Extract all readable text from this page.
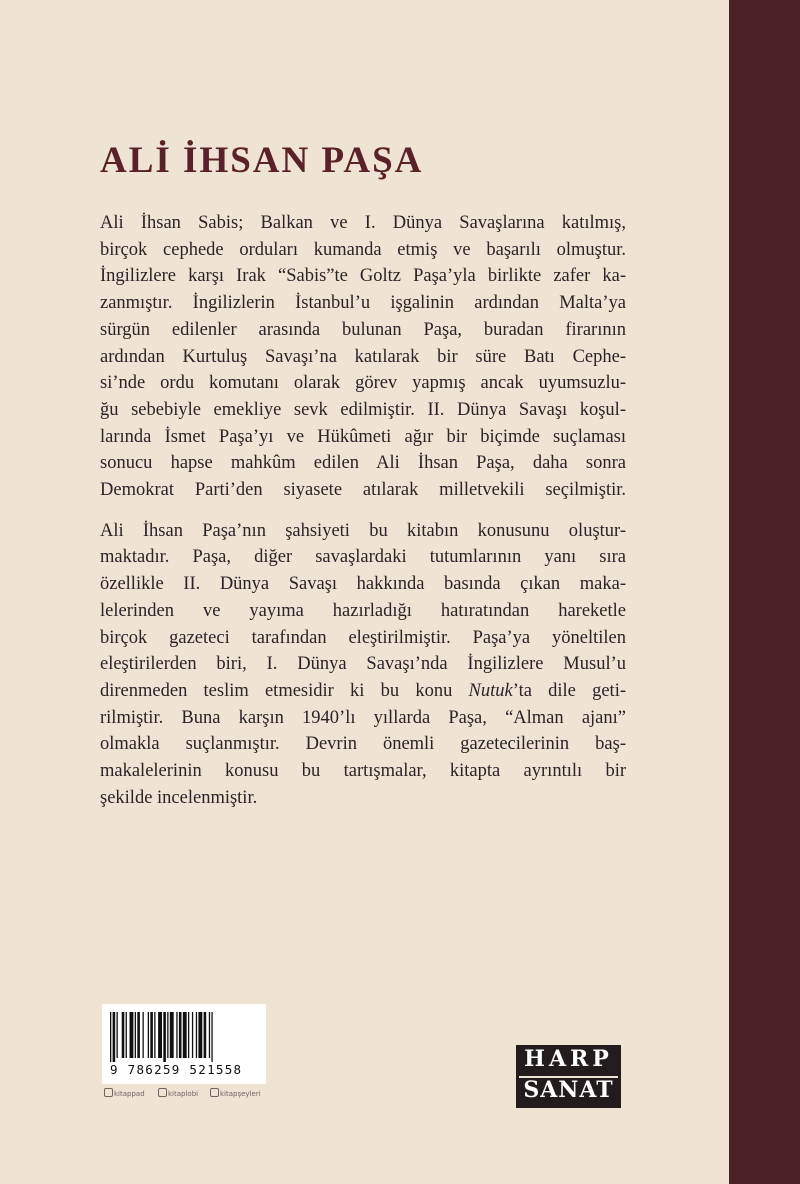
ALİ İHSAN PAŞA

Ali İhsan Sabis; Balkan ve I. Dünya Savaşlarına katılmış,
birçok cephede orduları kumanda etmiş ve başarılı olmuştur.
İngilizlere karşı Irak “Sabis”te Goltz Paşa’yla birlikte zafer ka-
zanmıştır. İngilizlerin İstanbul’u işgalinin ardından Malta’ya
sürgün edilenler arasında bulunan Paşa, buradan firarının
ardından Kurtuluş Savaşı’na katılarak bir süre Batı Cephe-
si’nde ordu komutanı olarak görev yapmış ancak uyumsuzlu-
ğu sebebiyle emekliye sevk edilmiştir. II. Dünya Savaşı koşul-
larında İsmet Paşa’yı ve Hükûmeti ağır bir biçimde suçlaması
sonucu hapse mahkûm edilen Ali İhsan Paşa, daha sonra
Demokrat Parti’den siyasete atılarak milletvekili seçilmiştir.

Ali İhsan Paşa’nın şahsiyeti bu kitabın konusunu oluştur-
maktadır. Paşa, diğer savaşlardaki tutumlarının yanı sıra
özellikle II. Dünya Savaşı hakkında basında çıkan maka-
lelerinden ve yayıma hazırladığı hatıratından hareketle
birçok gazeteci tarafından eleştirilmiştir. Paşa’ya yöneltilen
eleştirilerden biri, I. Dünya Savaşı’nda İngilizlere Musul’u
direnmeden teslim etmesidir ki bu konu Nutuk’ta dile geti-
rilmiştir. Buna karşın 1940’lı yıllarda Paşa, “Alman ajanı”
olmakla suçlanmıştır. Devrin önemli gazetecilerinin baş-
makalelerinin konusu bu tartışmalar, kitapta ayrıntılı bir
şekilde incelenmiştir.

9 786259 521558
kitappad	kitaplobi	kitapşeyleri
HARP
SANAT
